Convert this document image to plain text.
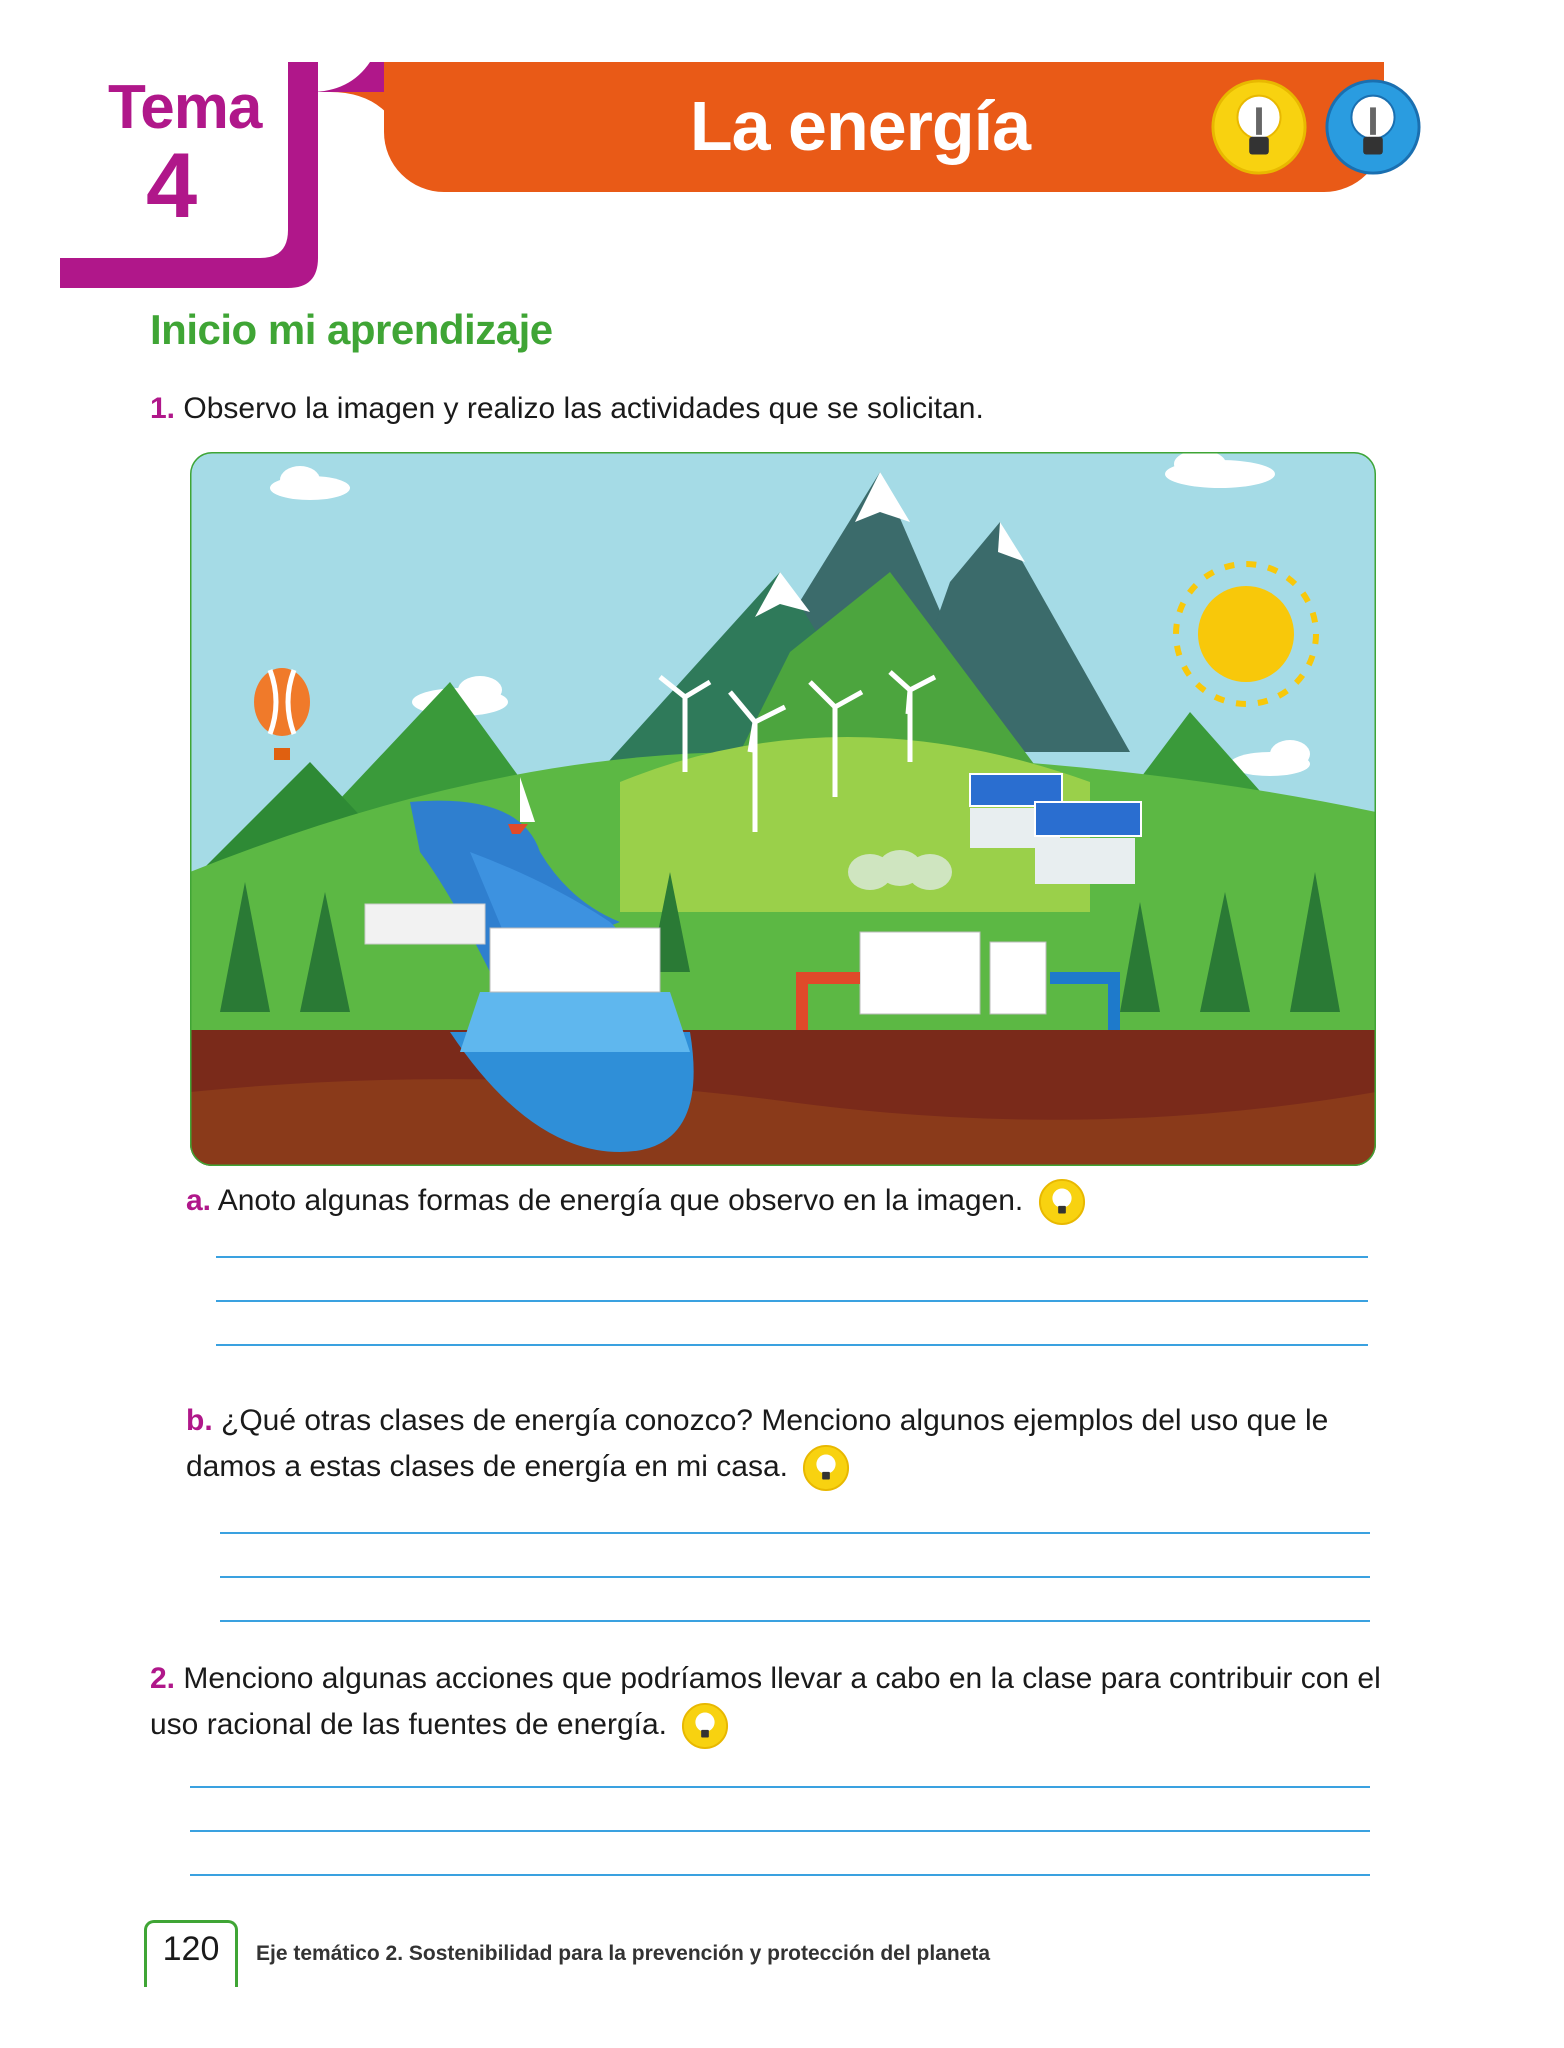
Tema
4
La energía
Inicio mi aprendizaje
1. Observo la imagen y realizo las actividades que se solicitan.
a. Anoto algunas formas de energía que observo en la imagen.
b. ¿Qué otras clases de energía conozco? Menciono algunos ejemplos del uso que le damos a estas clases de energía en mi casa.
2. Menciono algunas acciones que podríamos llevar a cabo en la clase para contribuir con el uso racional de las fuentes de energía.
120	Eje temático 2. Sostenibilidad para la prevención y protección del planeta
